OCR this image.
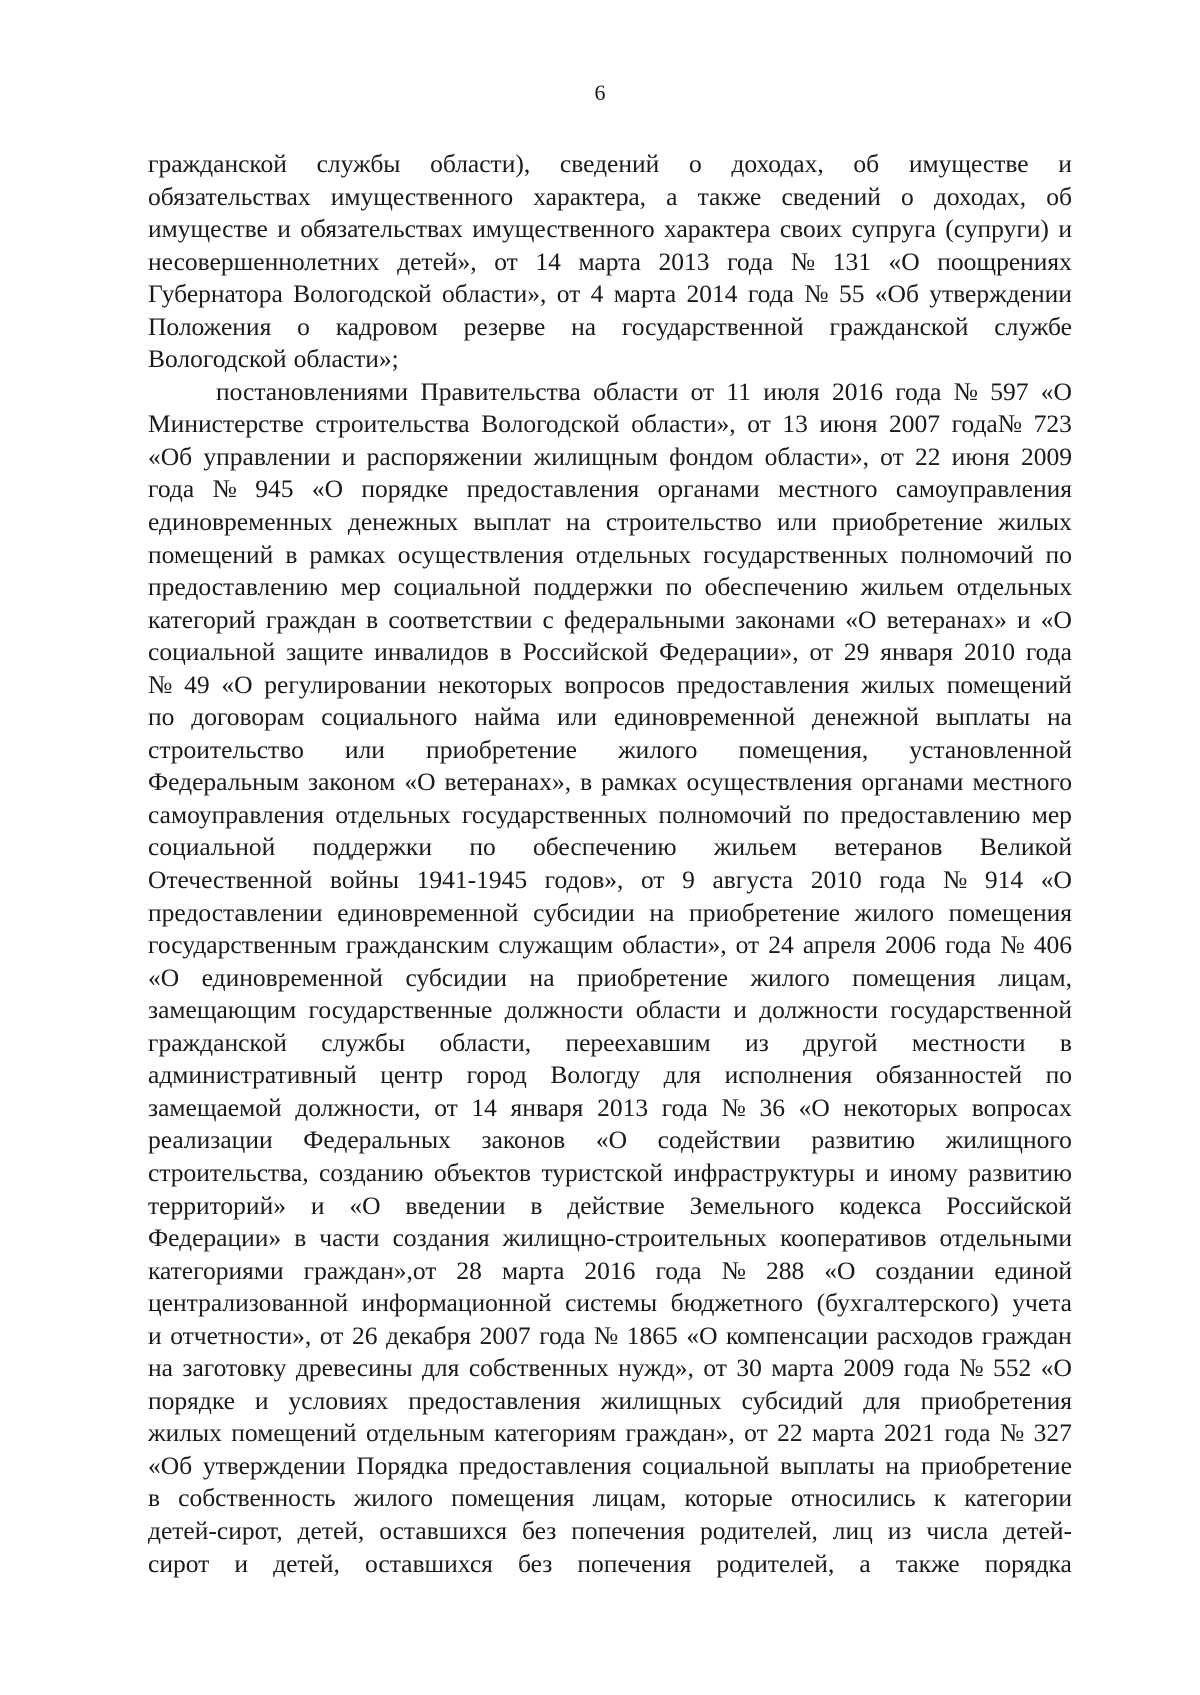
6
гражданской службы области), сведений о доходах, об имуществе и
обязательствах имущественного характера, а также сведений о доходах, об
имуществе и обязательствах имущественного характера своих супруга (супруги) и
несовершеннолетних детей», от 14 марта 2013 года № 131 «О поощрениях
Губернатора Вологодской области», от 4 марта 2014 года № 55 «Об утверждении
Положения о кадровом резерве на государственной гражданской службе
Вологодской области»;
постановлениями Правительства области от 11 июля 2016 года № 597 «О
Министерстве строительства Вологодской области», от 13 июня 2007 года№ 723
«Об управлении и распоряжении жилищным фондом области», от 22 июня 2009
года № 945 «О порядке предоставления органами местного самоуправления
единовременных денежных выплат на строительство или приобретение жилых
помещений в рамках осуществления отдельных государственных полномочий по
предоставлению мер социальной поддержки по обеспечению жильем отдельных
категорий граждан в соответствии с федеральными законами «О ветеранах» и «О
социальной защите инвалидов в Российской Федерации», от 29 января 2010 года
№ 49 «О регулировании некоторых вопросов предоставления жилых помещений
по договорам социального найма или единовременной денежной выплаты на
строительство или приобретение жилого помещения, установленной
Федеральным законом «О ветеранах», в рамках осуществления органами местного
самоуправления отдельных государственных полномочий по предоставлению мер
социальной поддержки по обеспечению жильем ветеранов Великой
Отечественной войны 1941-1945 годов», от 9 августа 2010 года № 914 «О
предоставлении единовременной субсидии на приобретение жилого помещения
государственным гражданским служащим области», от 24 апреля 2006 года № 406
«О единовременной субсидии на приобретение жилого помещения лицам,
замещающим государственные должности области и должности государственной
гражданской службы области, переехавшим из другой местности в
административный центр город Вологду для исполнения обязанностей по
замещаемой должности, от 14 января 2013 года № 36 «О некоторых вопросах
реализации Федеральных законов «О содействии развитию жилищного
строительства, созданию объектов туристской инфраструктуры и иному развитию
территорий» и «О введении в действие Земельного кодекса Российской
Федерации» в части создания жилищно-строительных кооперативов отдельными
категориями граждан»,от 28 марта 2016 года № 288 «О создании единой
централизованной информационной системы бюджетного (бухгалтерского) учета
и отчетности», от 26 декабря 2007 года № 1865 «О компенсации расходов граждан
на заготовку древесины для собственных нужд», от 30 марта 2009 года № 552 «О
порядке и условиях предоставления жилищных субсидий для приобретения
жилых помещений отдельным категориям граждан», от 22 марта 2021 года № 327
«Об утверждении Порядка предоставления социальной выплаты на приобретение
в собственность жилого помещения лицам, которые относились к категории
детей-сирот, детей, оставшихся без попечения родителей, лиц из числа детей-
сирот и детей, оставшихся без попечения родителей, а также порядка
